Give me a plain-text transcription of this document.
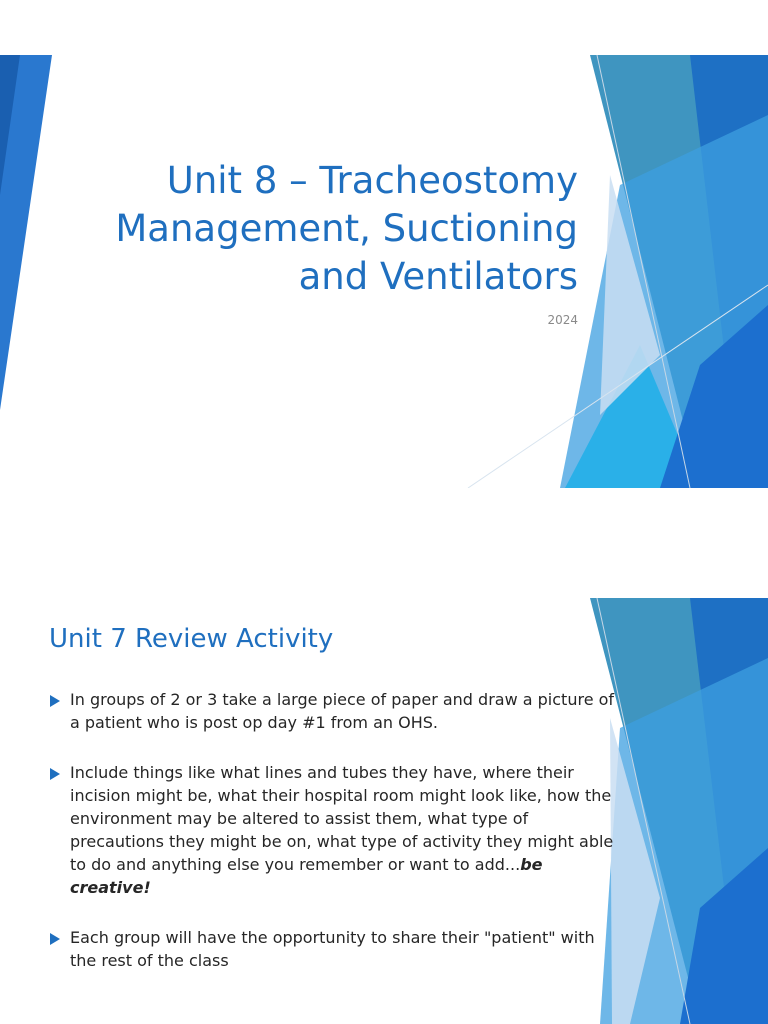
Unit 8 – Tracheostomy
Management, Suctioning
and Ventilators

2024

Unit 7 Review Activity
In groups of 2 or 3 take a large piece of paper and draw a picture of a patient who is post op day #1 from an OHS.
Include things like what lines and tubes they have, where their incision might be, what their hospital room might look like, how the environment may be altered to assist them, what type of precautions they might be on, what type of activity they might able to do and anything else you remember or want to add...be creative!
Each group will have the opportunity to share their "patient" with the rest of the class
